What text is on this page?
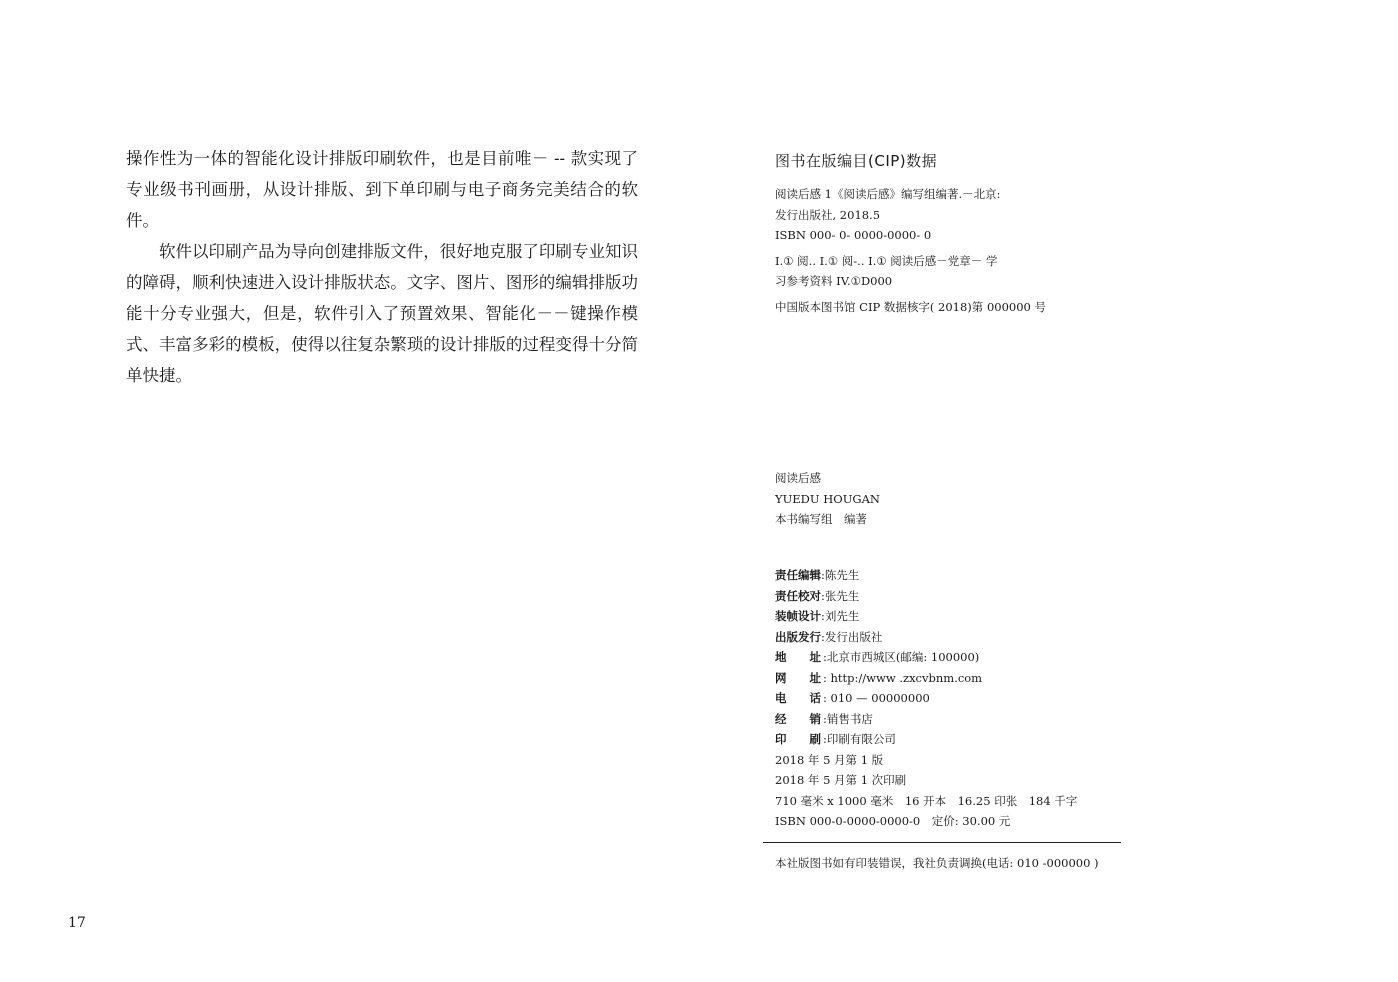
操作性为一体的智能化设计排版印刷软件，也是目前唯－ -- 款实现了专业级书刊画册，从设计排版、到下单印刷与电子商务完美结合的软件。

软件以印刷产品为导向创建排版文件，很好地克服了印刷专业知识的障碍，顺利快速进入设计排版状态。文字、图片、图形的编辑排版功能十分专业强大，但是，软件引入了预置效果、智能化－－键操作模式、丰富多彩的模板，使得以往复杂繁琐的设计排版的过程变得十分简单快捷。

17
图书在版编目(CIP)数据
阅读后感 1《阅读后感》编写组编著.－北京:
发行出版社, 2018.5
ISBN 000- 0- 0000-0000- 0
I.① 阅.. I.① 阅-.. I.① 阅读后感－党章－ 学
习参考资料 IV.①D000
中国版本图书馆 CIP 数据核字( 2018)第 000000 号
阅读后感
YUEDU HOUGAN
本书编写组　编著
责任编辑:陈先生
责任校对:张先生
装帧设计:刘先生
出版发行:发行出版社
地　　址 :北京市西城区(邮编: 100000)
网　　址 : http://www .zxcvbnm.com
电　　话 : 010 — 00000000
经　　销 :销售书店
印　　刷 :印刷有限公司
2018 年 5 月第 1 版
2018 年 5 月第 1 次印刷
710 毫米 x 1000 毫米　16 开本　16.25 印张　184 千字
ISBN 000-0-0000-0000-0　定价: 30.00 元
本社版图书如有印装错误，我社负责调换(电话: 010 -000000 )
